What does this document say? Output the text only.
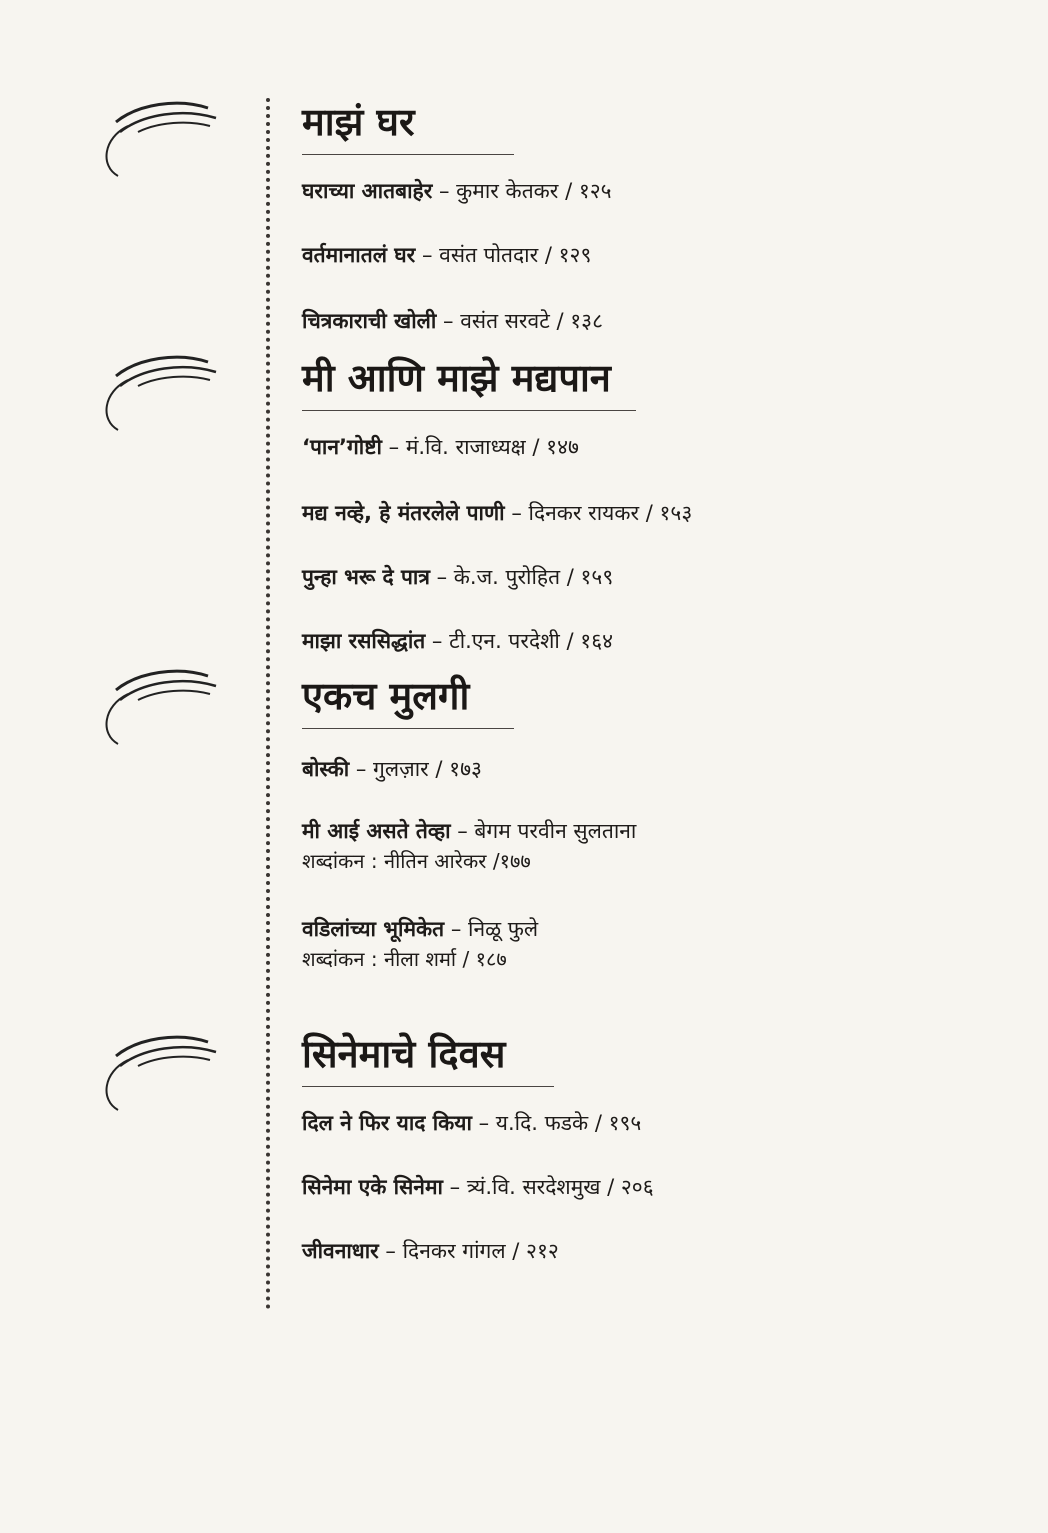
माझं घर
घराच्या आतबाहेर – कुमार केतकर / १२५
वर्तमानातलं घर – वसंत पोतदार / १२९
चित्रकाराची खोली – वसंत सरवटे / १३८
मी आणि माझे मद्यपान
‘पान’गोष्टी – मं.वि. राजाध्यक्ष / १४७
मद्य नव्हे, हे मंतरलेले पाणी – दिनकर रायकर / १५३
पुन्हा भरू दे पात्र – के.ज. पुरोहित / १५९
माझा रससिद्धांत – टी.एन. परदेशी / १६४
एकच मुलगी
बोस्की – गुलज़ार / १७३
मी आई असते तेव्हा – बेगम परवीन सुलताना
शब्दांकन : नीतिन आरेकर /१७७
वडिलांच्या भूमिकेत – निळू फुले
शब्दांकन : नीला शर्मा / १८७
सिनेमाचे दिवस
दिल ने फिर याद किया – य.दि. फडके / १९५
सिनेमा एके सिनेमा – त्र्यं.वि. सरदेशमुख / २०६
जीवनाधार – दिनकर गांगल / २१२
